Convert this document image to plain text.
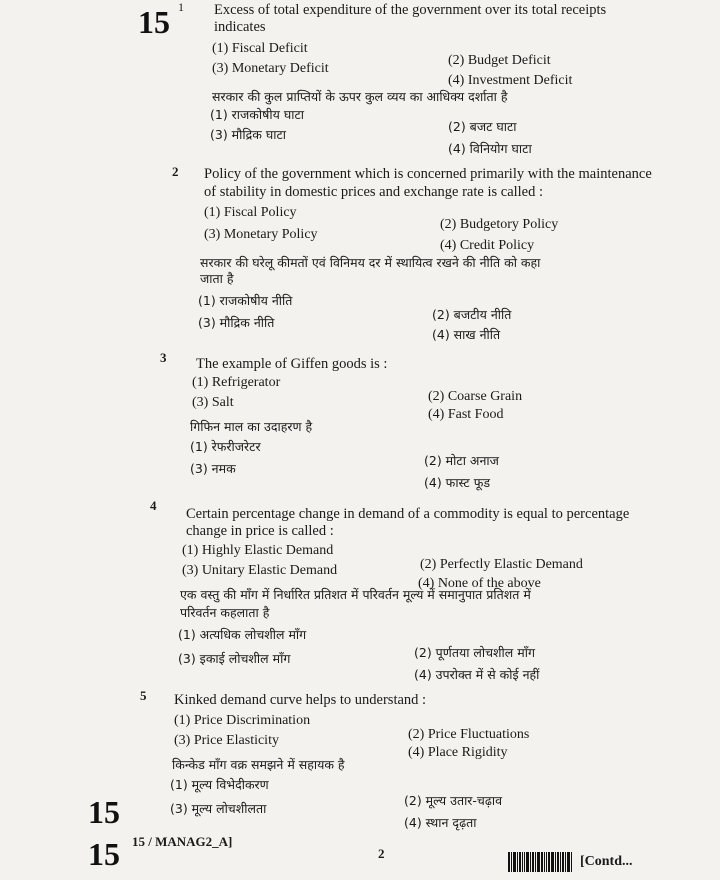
15 1 Excess of total expenditure of the government over its total receipts
indicates
(1) Fiscal Deficit
(2) Budget Deficit
(3) Monetary Deficit
(4) Investment Deficit
सरकार की कुल प्राप्तियों के ऊपर कुल व्यय का आधिक्य दर्शाता है
(1) राजकोषीय घाटा
(2) बजट घाटा
(3) मौद्रिक घाटा
(4) विनियोग घाटा
2 Policy of the government which is concerned primarily with the maintenance
of stability in domestic prices and exchange rate is called :
(1) Fiscal Policy
(2) Budgetory Policy
(3) Monetary Policy
(4) Credit Policy
सरकार की घरेलू कीमतों एवं विनिमय दर में स्थायित्व रखने की नीति को कहा
जाता है
(1) राजकोषीय नीति
(2) बजटीय नीति
(3) मौद्रिक नीति
(4) साख नीति
3 The example of Giffen goods is :
(1) Refrigerator
(2) Coarse Grain
(3) Salt
(4) Fast Food
गिफिन माल का उदाहरण है
(1) रेफरीजरेटर
(2) मोटा अनाज
(3) नमक
(4) फास्ट फूड
4
Certain percentage change in demand of a commodity is equal to percentage
change in price is called :
(1) Highly Elastic Demand
(2) Perfectly Elastic Demand
(3) Unitary Elastic Demand
(4) None of the above
एक वस्तु की माँग में निर्धारित प्रतिशत में परिवर्तन मूल्य में समानुपात प्रतिशत में
परिवर्तन कहलाता है
(1) अत्यधिक लोचशील माँग
(2) पूर्णतया लोचशील माँग
(3) इकाई लोचशील माँग
(4) उपरोक्त में से कोई नहीं
5 Kinked demand curve helps to understand :
(1) Price Discrimination
(2) Price Fluctuations
(3) Price Elasticity
(4) Place Rigidity
किन्केड माँग वक्र समझने में सहायक है
(1) मूल्य विभेदीकरण
(2) मूल्य उतार-चढ़ाव
(3) मूल्य लोचशीलता
(4) स्थान दृढ़ता
15
15 15 / MANAG2_A]
2
[Contd...
